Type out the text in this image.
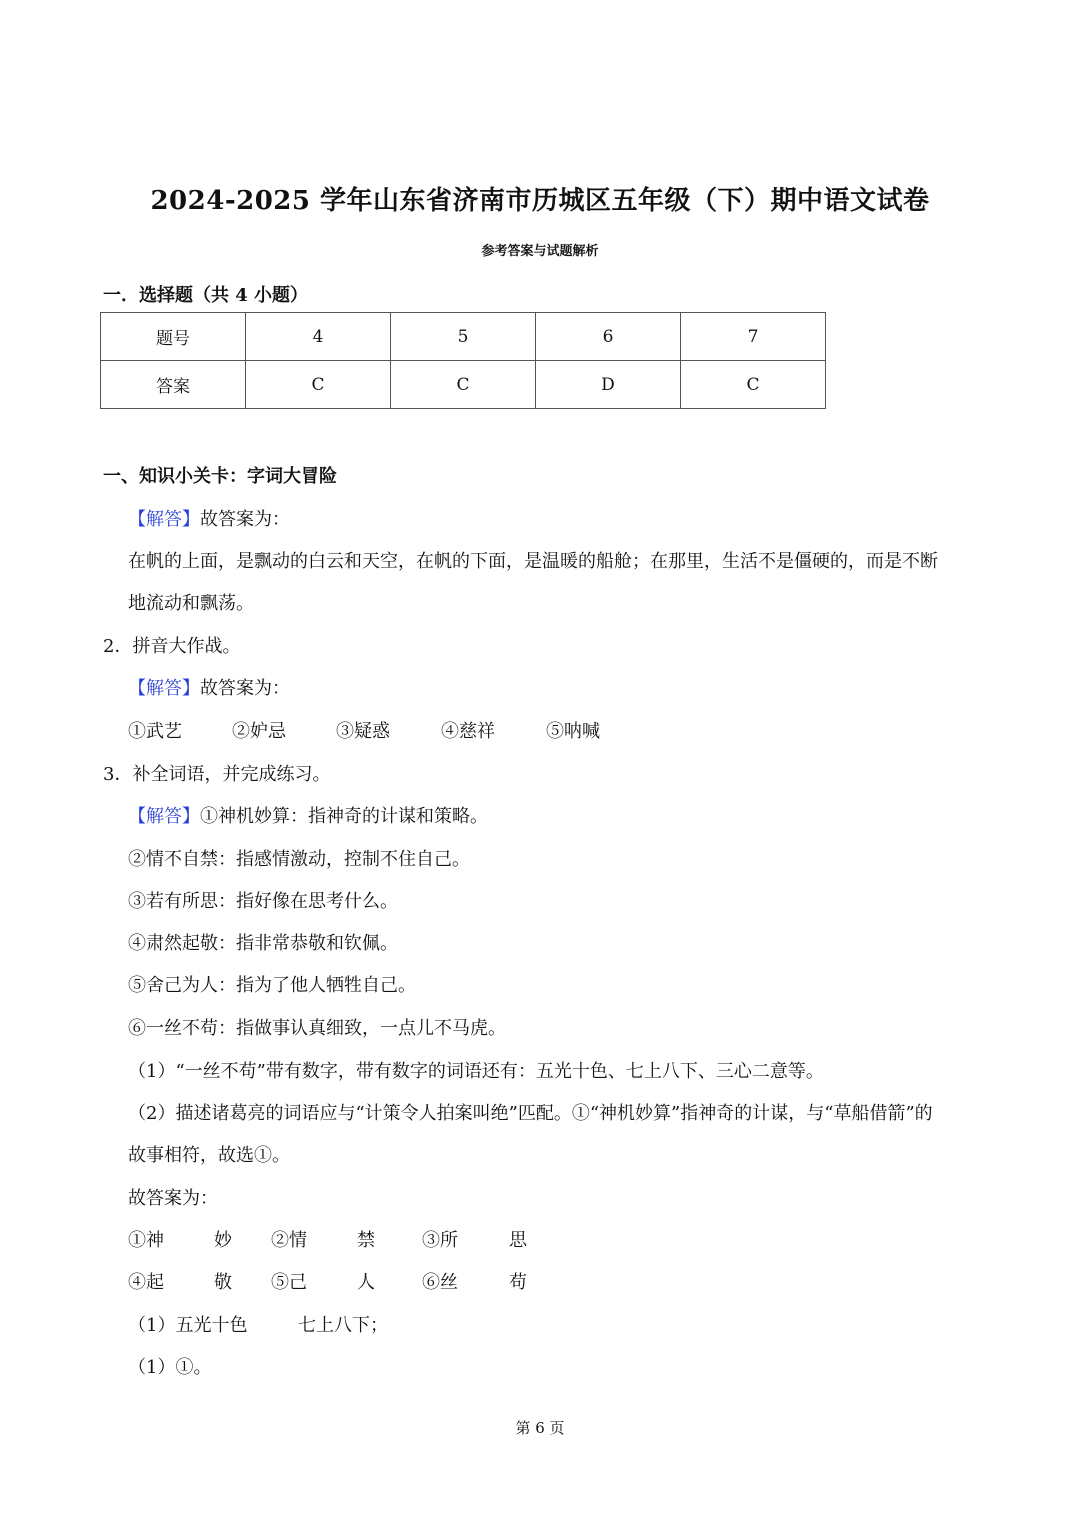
2024-2025 学年山东省济南市历城区五年级（下）期中语文试卷
参考答案与试题解析
一．选择题（共 4 小题）
题号	4	5	6	7
答案	C	C	D	C
一、知识小关卡：字词大冒险
【解答】故答案为：
在帆的上面，是飘动的白云和天空，在帆的下面，是温暖的船舱；在那里，生活不是僵硬的，而是不断
地流动和飘荡。
2．拼音大作战。
【解答】故答案为：
①武艺	②妒忌	③疑惑	④慈祥	⑤呐喊
3．补全词语，并完成练习。
【解答】①神机妙算：指神奇的计谋和策略。
②情不自禁：指感情激动，控制不住自己。
③若有所思：指好像在思考什么。
④肃然起敬：指非常恭敬和钦佩。
⑤舍己为人：指为了他人牺牲自己。
⑥一丝不苟：指做事认真细致，一点儿不马虎。
（1）“一丝不苟”带有数字，带有数字的词语还有：五光十色、七上八下、三心二意等。
（2）描述诸葛亮的词语应与“计策令人拍案叫绝”匹配。①“神机妙算”指神奇的计谋，与“草船借箭”的
故事相符，故选①。
故答案为：
①神	妙 ②情	禁	③所	思
④起	敬 ⑤己	人	⑥丝	苟
（1）五光十色	七上八下；
（1）①。
第 6 页
